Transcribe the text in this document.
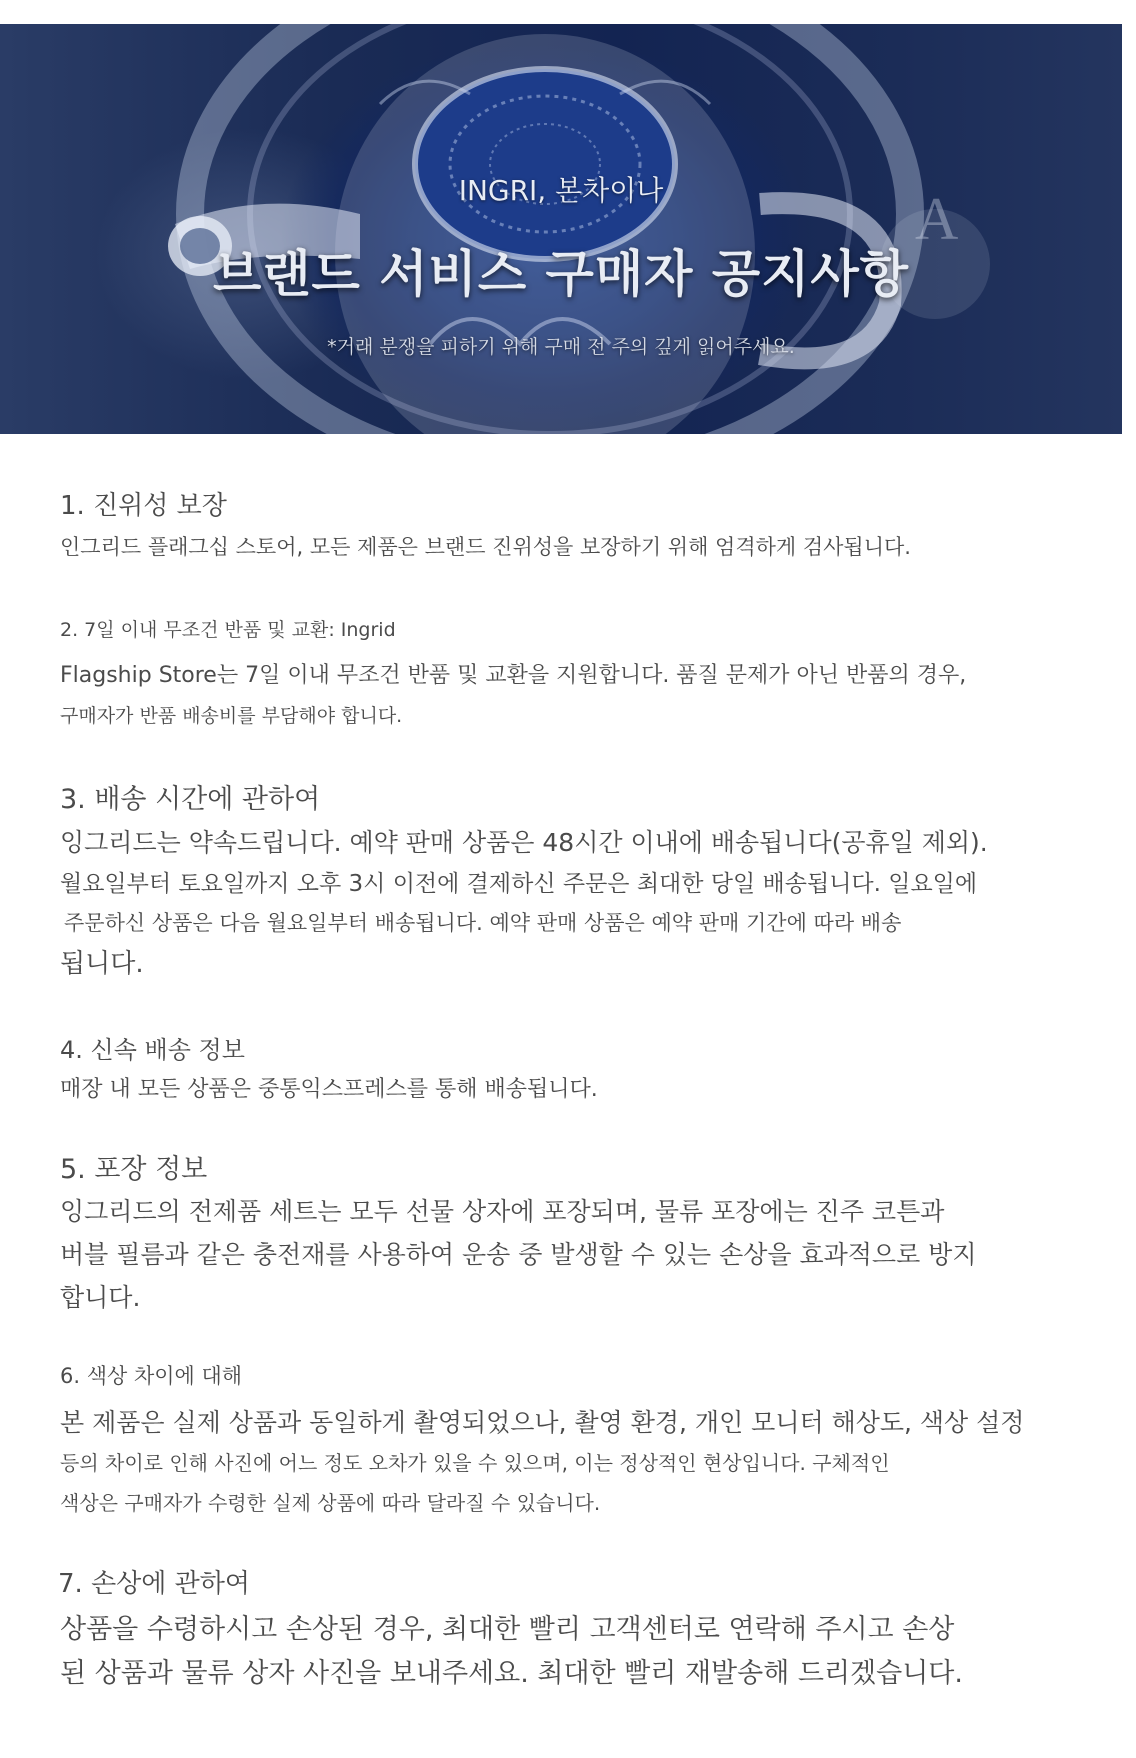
A
INGRI, 본차이나
브랜드 서비스 구매자 공지사항
*거래 분쟁을 피하기 위해 구매 전 주의 깊게 읽어주세요.
1. 진위성 보장
인그리드 플래그십 스토어, 모든 제품은 브랜드 진위성을 보장하기 위해 엄격하게 검사됩니다.
2. 7일 이내 무조건 반품 및 교환: Ingrid
Flagship Store는 7일 이내 무조건 반품 및 교환을 지원합니다. 품질 문제가 아닌 반품의 경우,
구매자가 반품 배송비를 부담해야 합니다.
3. 배송 시간에 관하여
잉그리드는 약속드립니다. 예약 판매 상품은 48시간 이내에 배송됩니다(공휴일 제외).
월요일부터 토요일까지 오후 3시 이전에 결제하신 주문은 최대한 당일 배송됩니다. 일요일에
주문하신 상품은 다음 월요일부터 배송됩니다. 예약 판매 상품은 예약 판매 기간에 따라 배송
됩니다.
4. 신속 배송 정보
매장 내 모든 상품은 중통익스프레스를 통해 배송됩니다.
5. 포장 정보
잉그리드의 전제품 세트는 모두 선물 상자에 포장되며, 물류 포장에는 진주 코튼과
버블 필름과 같은 충전재를 사용하여 운송 중 발생할 수 있는 손상을 효과적으로 방지
합니다.
6. 색상 차이에 대해
본 제품은 실제 상품과 동일하게 촬영되었으나, 촬영 환경, 개인 모니터 해상도, 색상 설정
등의 차이로 인해 사진에 어느 정도 오차가 있을 수 있으며, 이는 정상적인 현상입니다. 구체적인
색상은 구매자가 수령한 실제 상품에 따라 달라질 수 있습니다.
7. 손상에 관하여
상품을 수령하시고 손상된 경우, 최대한 빨리 고객센터로 연락해 주시고 손상
된 상품과 물류 상자 사진을 보내주세요. 최대한 빨리 재발송해 드리겠습니다.
